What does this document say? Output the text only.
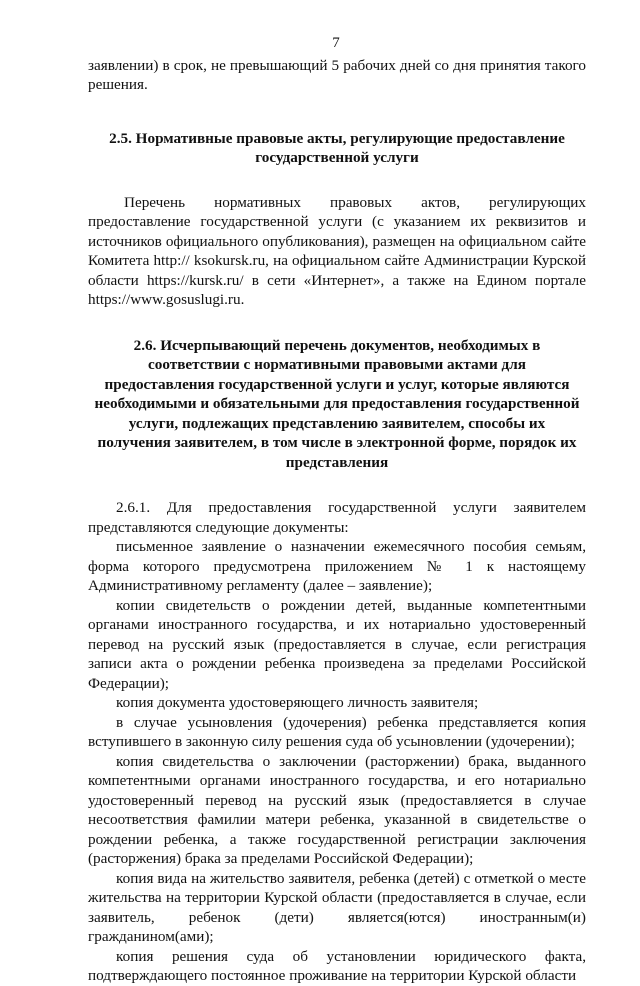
7

заявлении) в срок, не превышающий 5 рабочих дней со дня принятия такого решения.

2.5. Нормативные правовые акты, регулирующие предоставление государственной услуги

Перечень нормативных правовых актов, регулирующих предоставление государственной услуги (с указанием их реквизитов и источников официального опубликования), размещен на официальном сайте Комитета http:// ksokursk.ru, на официальном сайте Администрации Курской области https://kursk.ru/ в сети «Интернет», а также на Едином портале https://www.gosuslugi.ru.

2.6. Исчерпывающий перечень документов, необходимых в соответствии с нормативными правовыми актами для предоставления государственной услуги и услуг, которые являются необходимыми и обязательными для предоставления государственной услуги, подлежащих представлению заявителем, способы их получения заявителем, в том числе в электронной форме, порядок их представления

2.6.1. Для предоставления государственной услуги заявителем представляются следующие документы:

письменное заявление о назначении ежемесячного пособия семьям, форма которого предусмотрена приложением № 1 к настоящему Административному регламенту (далее – заявление);

копии свидетельств о рождении детей, выданные компетентными органами иностранного государства, и их нотариально удостоверенный перевод на русский язык (предоставляется в случае, если регистрация записи акта о рождении ребенка произведена за пределами Российской Федерации);

копия документа удостоверяющего личность заявителя;

в случае усыновления (удочерения) ребенка представляется копия вступившего в законную силу решения суда об усыновлении (удочерении);

копия свидетельства о заключении (расторжении) брака, выданного компетентными органами иностранного государства, и его нотариально удостоверенный перевод на русский язык (предоставляется в случае несоответствия фамилии матери ребенка, указанной в свидетельстве о рождении ребенка, а также государственной регистрации заключения (расторжения) брака за пределами Российской Федерации);

копия вида на жительство заявителя, ребенка (детей) с отметкой о месте жительства на территории Курской области (предоставляется в случае, если заявитель, ребенок (дети) является(ются) иностранным(и) гражданином(ами);

копия решения суда об установлении юридического факта, подтверждающего постоянное проживание на территории Курской области
